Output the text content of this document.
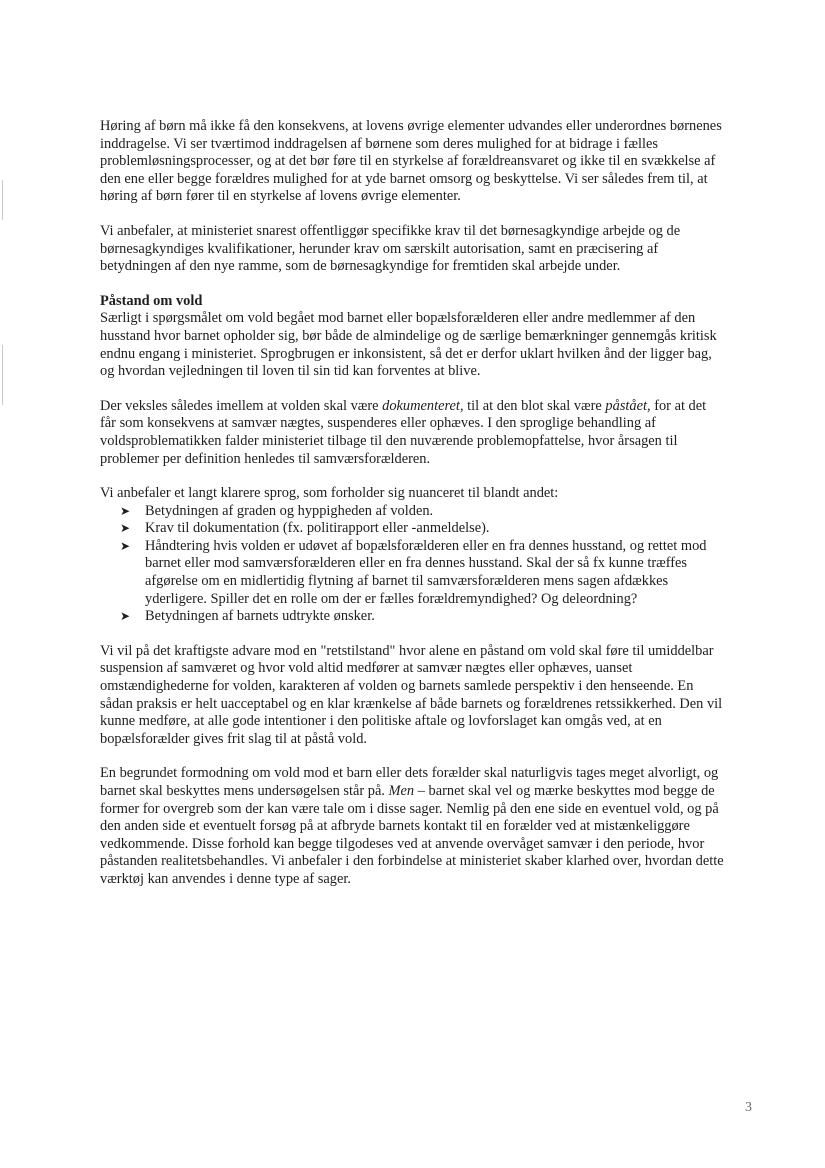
Høring af børn må ikke få den konsekvens, at lovens øvrige elementer udvandes eller underordnes børnenes inddragelse. Vi ser tværtimod inddragelsen af børnene som deres mulighed for at bidrage i fælles problemløsningsprocesser, og at det bør føre til en styrkelse af forældreansvaret og ikke til en svækkelse af den ene eller begge forældres mulighed for at yde barnet omsorg og beskyttelse. Vi ser således frem til, at høring af børn fører til en styrkelse af lovens øvrige elementer.

Vi anbefaler, at ministeriet snarest offentliggør specifikke krav til det børnesagkyndige arbejde og de børnesagkyndiges kvalifikationer, herunder krav om særskilt autorisation, samt en præcisering af betydningen af den nye ramme, som de børnesagkyndige for fremtiden skal arbejde under.

Påstand om vold

Særligt i spørgsmålet om vold begået mod barnet eller bopælsforælderen eller andre medlemmer af den husstand hvor barnet opholder sig, bør både de almindelige og de særlige bemærkninger gennemgås kritisk endnu engang i ministeriet. Sprogbrugen er inkonsistent, så det er derfor uklart hvilken ånd der ligger bag, og hvordan vejledningen til loven til sin tid kan forventes at blive.

Der veksles således imellem at volden skal være dokumenteret, til at den blot skal være påstået, for at det får som konsekvens at samvær nægtes, suspenderes eller ophæves. I den sproglige behandling af voldsproblematikken falder ministeriet tilbage til den nuværende problemopfattelse, hvor årsagen til problemer per definition henledes til samværsforælderen.

Vi anbefaler et langt klarere sprog, som forholder sig nuanceret til blandt andet:

➤ Betydningen af graden og hyppigheden af volden.
➤ Krav til dokumentation (fx. politirapport eller -anmeldelse).
➤ Håndtering hvis volden er udøvet af bopælsforælderen eller en fra dennes husstand, og rettet mod barnet eller mod samværsforælderen eller en fra dennes husstand. Skal der så fx kunne træffes afgørelse om en midlertidig flytning af barnet til samværsforælderen mens sagen afdækkes yderligere. Spiller det en rolle om der er fælles forældremyndighed? Og deleordning?
➤ Betydningen af barnets udtrykte ønsker.

Vi vil på det kraftigste advare mod en "retstilstand" hvor alene en påstand om vold skal føre til umiddelbar suspension af samværet og hvor vold altid medfører at samvær nægtes eller ophæves, uanset omstændighederne for volden, karakteren af volden og barnets samlede perspektiv i den henseende. En sådan praksis er helt uacceptabel og en klar krænkelse af både barnets og forældrenes retssikkerhed. Den vil kunne medføre, at alle gode intentioner i den politiske aftale og lovforslaget kan omgås ved, at en bopælsforælder gives frit slag til at påstå vold.

En begrundet formodning om vold mod et barn eller dets forælder skal naturligvis tages meget alvorligt, og barnet skal beskyttes mens undersøgelsen står på. Men – barnet skal vel og mærke beskyttes mod begge de former for overgreb som der kan være tale om i disse sager. Nemlig på den ene side en eventuel vold, og på den anden side et eventuelt forsøg på at afbryde barnets kontakt til en forælder ved at mistænkeliggøre vedkommende. Disse forhold kan begge tilgodeses ved at anvende overvåget samvær i den periode, hvor påstanden realitetsbehandles. Vi anbefaler i den forbindelse at ministeriet skaber klarhed over, hvordan dette værktøj kan anvendes i denne type af sager.

3
